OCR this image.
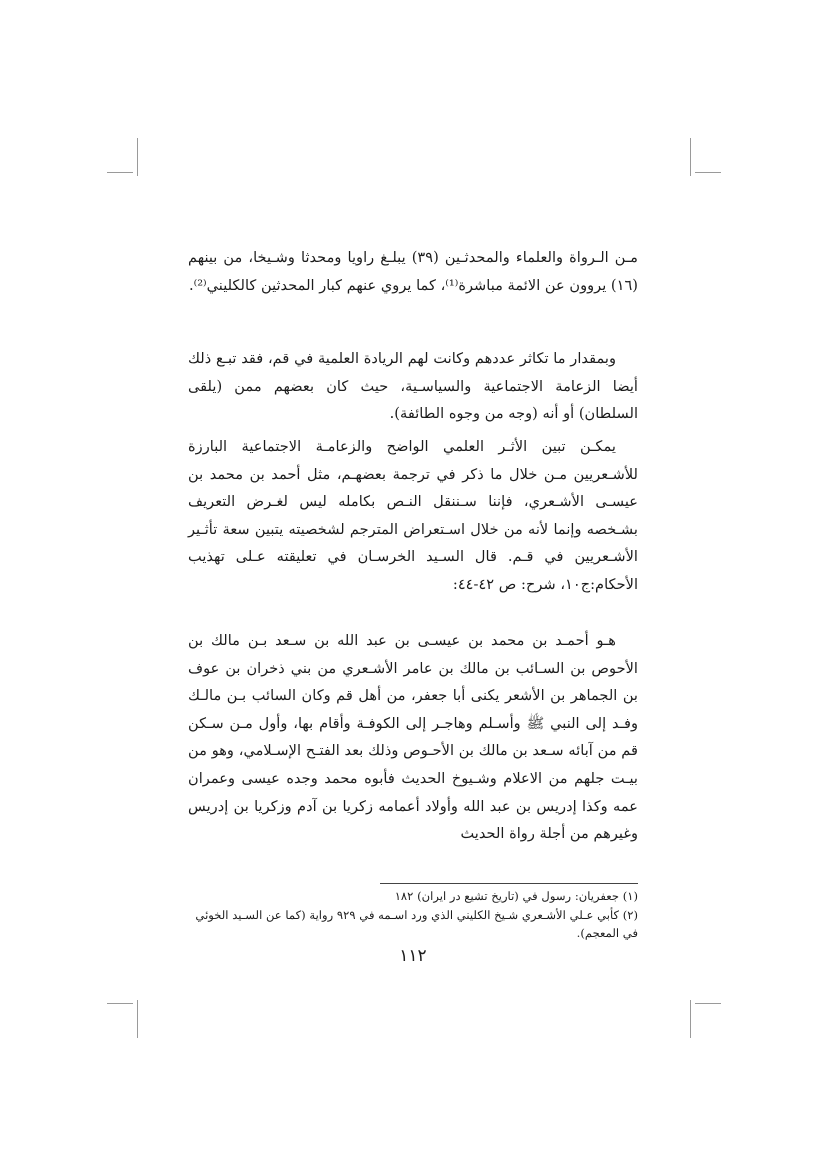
مـن الـرواة والعلماء والمحدثـين (٣٩) يبلـغ راويا ومحدثا وشـيخا، من بينهم (١٦) يروون عن الائمة مباشرة⁽¹⁾، كما يروي عنهم كبار المحدثين كالكليني⁽²⁾.

وبمقدار ما تكاثر عددهم وكانت لهم الريادة العلمية في قم، فقد تبـع ذلك أيضا الزعامة الاجتماعية والسياسـية، حيث كان بعضهم ممن (يلقى السلطان) أو أنه (وجه من وجوه الطائفة).

يمكـن تبين الأثـر العلمي الواضح والزعامـة الاجتماعية البارزة للأشـعريين مـن خلال ما ذكر في ترجمة بعضهـم، مثل أحمد بن محمد بن عيسـى الأشـعري، فإننا سـننقل النـص بكامله ليس لغـرض التعريف بشـخصه وإنما لأنه من خلال اسـتعراض المترجم لشخصيته يتبين سعة تأثـير الأشـعريين في قـم. قال السـيد الخرسـان في تعليقته عـلى تهذيب الأحكام:ج١٠، شرح: ص ٤٢-٤٤:

هـو أحمـد بن محمد بن عيسـى بن عبد الله بن سـعد بـن مالك بن الأحوص بن السـائب بن مالك بن عامر الأشـعري من بني ذخران بن عوف بن الجماهر بن الأشعر يكنى أبا جعفر، من أهل قم وكان السائب بـن مالـك وفـد إلى النبي ﷺ وأسـلم وهاجـر إلى الكوفـة وأقام بها، وأول مـن سـكن قم من آبائه سـعد بن مالك بن الأحـوص وذلك بعد الفتـح الإسـلامي، وهو من بيـت جلهم من الاعلام وشـيوخ الحديث فأبوه محمد وجده عيسى وعمران عمه وكذا إدريس بن عبد الله وأولاد أعمامه زكريا بن آدم وزكريا بن إدريس وغيرهم من أجلة رواة الحديث

(١) جعفريان: رسول في (تاريخ تشيع در ايران) ١٨٢

(٢) كأبي عـلي الأشـعري شـيخ الكليني الذي ورد اسـمه في ٩٢٩ رواية (كما عن السـيد الخوئي في المعجم).

١١٢
